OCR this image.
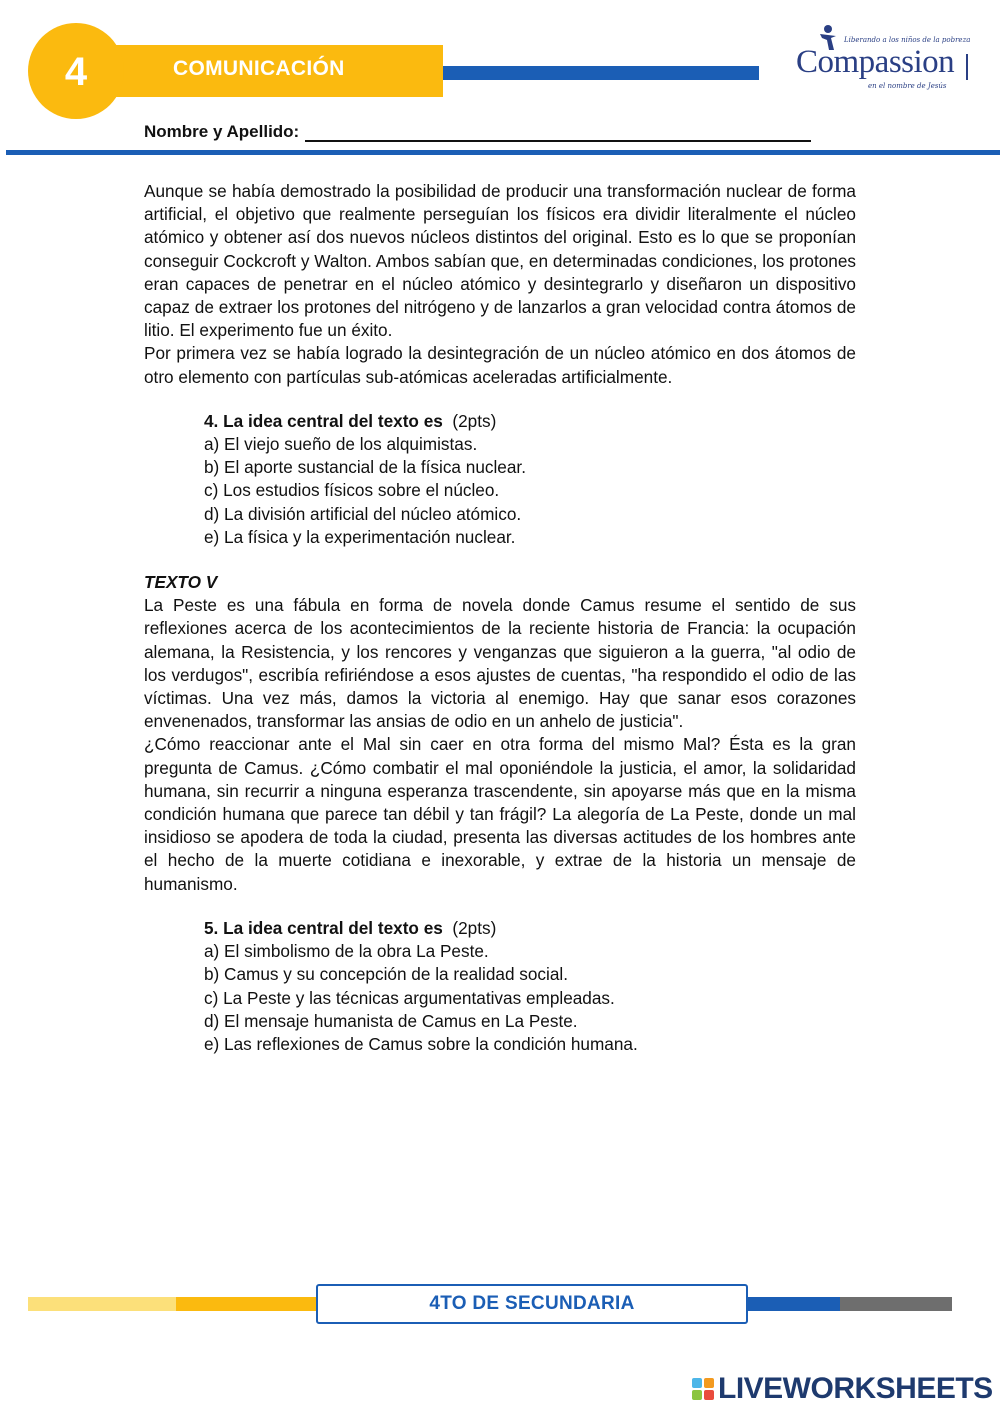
4	COMUNICACIÓN
Liberando a los niños de la pobreza
Compassion
en el nombre de Jesús
Nombre y Apellido:

Aunque se había demostrado la posibilidad de producir una transformación nuclear de forma artificial, el objetivo que realmente perseguían los físicos era dividir literalmente el núcleo atómico y obtener así dos nuevos núcleos distintos del original. Esto es lo que se proponían conseguir Cockcroft y Walton. Ambos sabían que, en determinadas condiciones, los protones eran capaces de penetrar en el núcleo atómico y desintegrarlo y diseñaron un dispositivo capaz de extraer los protones del nitrógeno y de lanzarlos a gran velocidad contra átomos de litio. El experimento fue un éxito.

Por primera vez se había logrado la desintegración de un núcleo atómico en dos átomos de otro elemento con partículas sub-atómicas aceleradas artificialmente.

4. La idea central del texto es (2pts)

a) El viejo sueño de los alquimistas.

b) El aporte sustancial de la física nuclear.

c) Los estudios físicos sobre el núcleo.

d) La división artificial del núcleo atómico.

e) La física y la experimentación nuclear.

TEXTO V

La Peste es una fábula en forma de novela donde Camus resume el sentido de sus reflexiones acerca de los acontecimientos de la reciente historia de Francia: la ocupación alemana, la Resistencia, y los rencores y venganzas que siguieron a la guerra, "al odio de los verdugos", escribía refiriéndose a esos ajustes de cuentas, "ha respondido el odio de las víctimas. Una vez más, damos la victoria al enemigo. Hay que sanar esos corazones envenenados, transformar las ansias de odio en un anhelo de justicia".

¿Cómo reaccionar ante el Mal sin caer en otra forma del mismo Mal? Ésta es la gran pregunta de Camus. ¿Cómo combatir el mal oponiéndole la justicia, el amor, la solidaridad humana, sin recurrir a ninguna esperanza trascendente, sin apoyarse más que en la misma condición humana que parece tan débil y tan frágil? La alegoría de La Peste, donde un mal insidioso se apodera de toda la ciudad, presenta las diversas actitudes de los hombres ante el hecho de la muerte cotidiana e inexorable, y extrae de la historia un mensaje de humanismo.

5. La idea central del texto es (2pts)

a) El simbolismo de la obra La Peste.

b) Camus y su concepción de la realidad social.

c) La Peste y las técnicas argumentativas empleadas.

d) El mensaje humanista de Camus en La Peste.

e) Las reflexiones de Camus sobre la condición humana.

4TO DE SECUNDARIA
LIVEWORKSHEETS
